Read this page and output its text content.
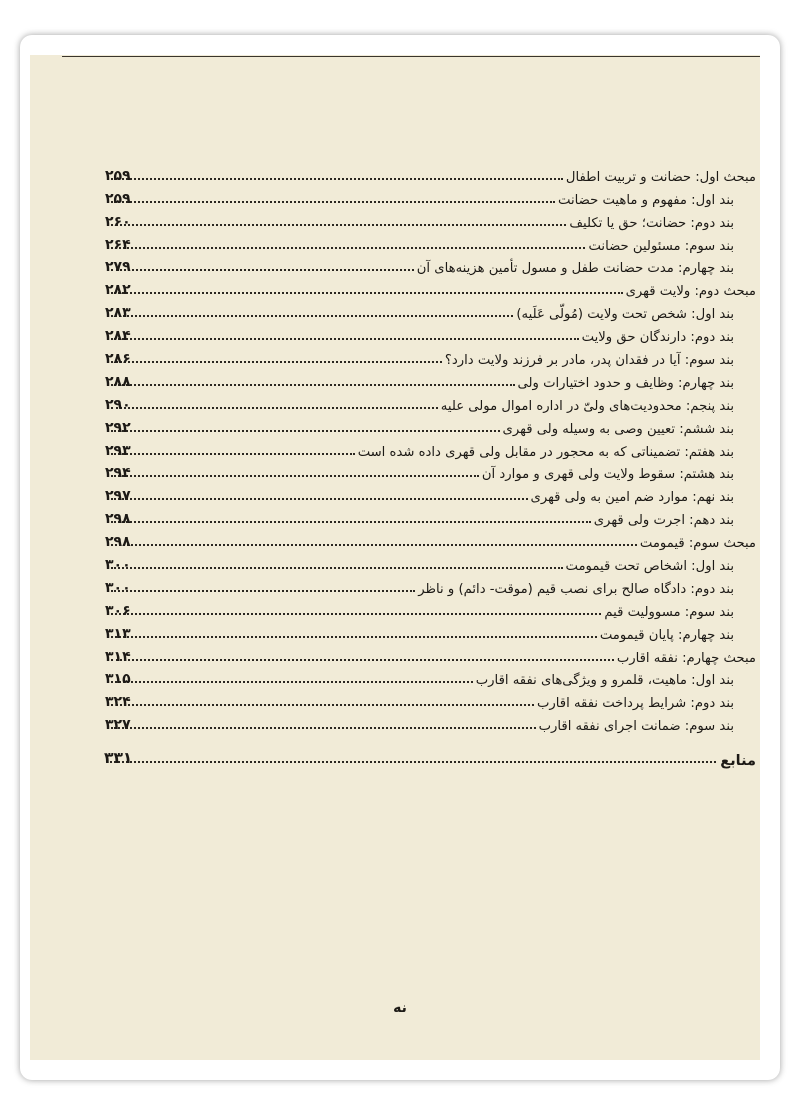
مبحث اول: حضانت و تربیت اطفال
۲۵۹
بند اول: مفهوم و ماهیت حضانت
۲۵۹
بند دوم: حضانت؛ حق یا تکلیف
۲۶۰
بند سوم: مسئولین حضانت
۲۶۴
بند چهارم: مدت حضانت طفل و مسول تأمین هزینه‌های آن
۲۷۹
مبحث دوم: ولایت قهری
۲۸۲
بند اول: شخص تحت ولایت (مُولّی عَلَیه)
۲۸۳
بند دوم: دارندگان حق ولایت
۲۸۴
بند سوم: آیا در فقدان پدر، مادر بر فرزند ولایت دارد؟
۲۸۶
بند چهارم: وظایف و حدود اختیارات ولی
۲۸۸
بند پنجم: محدودیت‌های ولیّ در اداره اموال مولی علیه
۲۹۰
بند ششم: تعیین وصی به وسیله ولی قهری
۲۹۲
بند هفتم: تضمیناتی که به محجور در مقابل ولی قهری داده شده است
۲۹۳
بند هشتم: سقوط ولایت ولی قهری و موارد آن
۲۹۴
بند نهم: موارد ضم امین به ولی قهری
۲۹۷
بند دهم: اجرت ولی قهری
۲۹۸
مبحث سوم: قیمومت
۲۹۸
بند اول: اشخاص تحت قیمومت
۳۰۰
بند دوم: دادگاه صالح برای نصب قیم (موقت- دائم) و ناظر
۳۰۰
بند سوم: مسوولیت قیم
۳۰۶
بند چهارم: پایان قیمومت
۳۱۳
مبحث چهارم: نفقه اقارب
۳۱۴
بند اول: ماهیت، قلمرو و ویژگی‌های نفقه اقارب
۳۱۵
بند دوم: شرایط پرداخت نفقه اقارب
۳۲۴
بند سوم: ضمانت اجرای نفقه اقارب
۳۲۷
منابع
۳۳۱
نه
